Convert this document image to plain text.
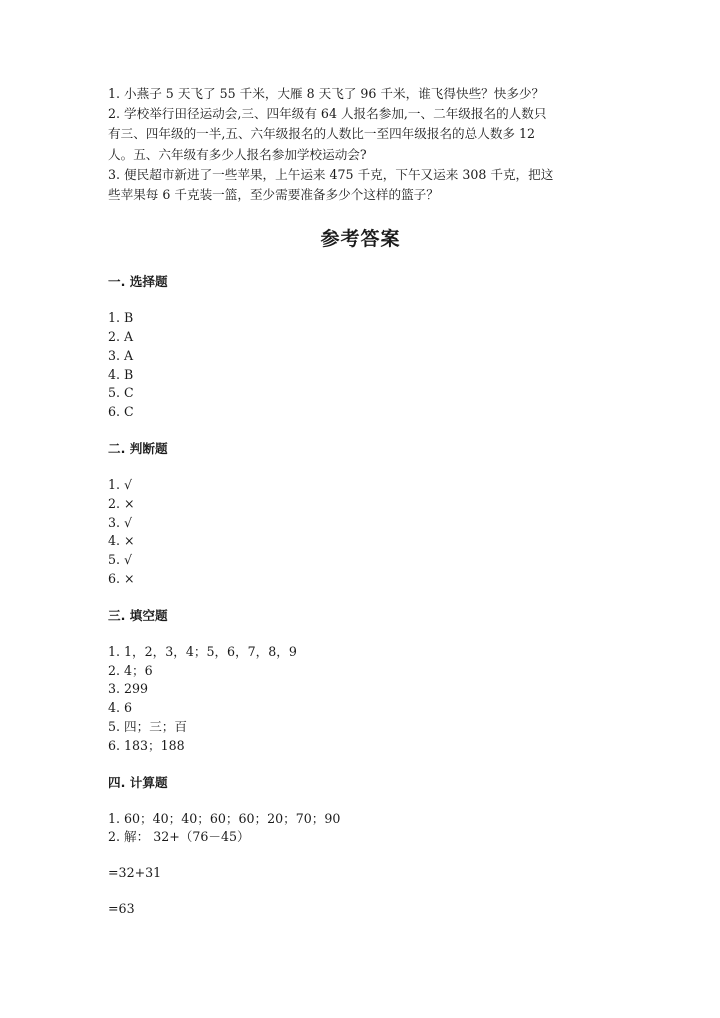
1. 小燕子 5 天飞了 55 千米，大雁 8 天飞了 96 千米，谁飞得快些？快多少？

2. 学校举行田径运动会,三、四年级有 64 人报名参加,一、二年级报名的人数只

有三、四年级的一半,五、六年级报名的人数比一至四年级报名的总人数多 12

人。五、六年级有多少人报名参加学校运动会?

3. 便民超市新进了一些苹果，上午运来 475 千克，下午又运来 308 千克，把这

些苹果每 6 千克装一篮，至少需要准备多少个这样的篮子？

参考答案
一. 选择题
1. B
2. A
3. A
4. B
5. C
6. C
二. 判断题
1. √
2. ×
3. √
4. ×
5. √
6. ×
三. 填空题
1. 1，2，3，4；5，6，7，8，9
2. 4；6
3. 299
4. 6
5. 四；三；百
6. 183；188
四. 计算题
1. 60；40；40；60；60；20；70；90
2. 解： 32+（76－45）

=32+31

=63
